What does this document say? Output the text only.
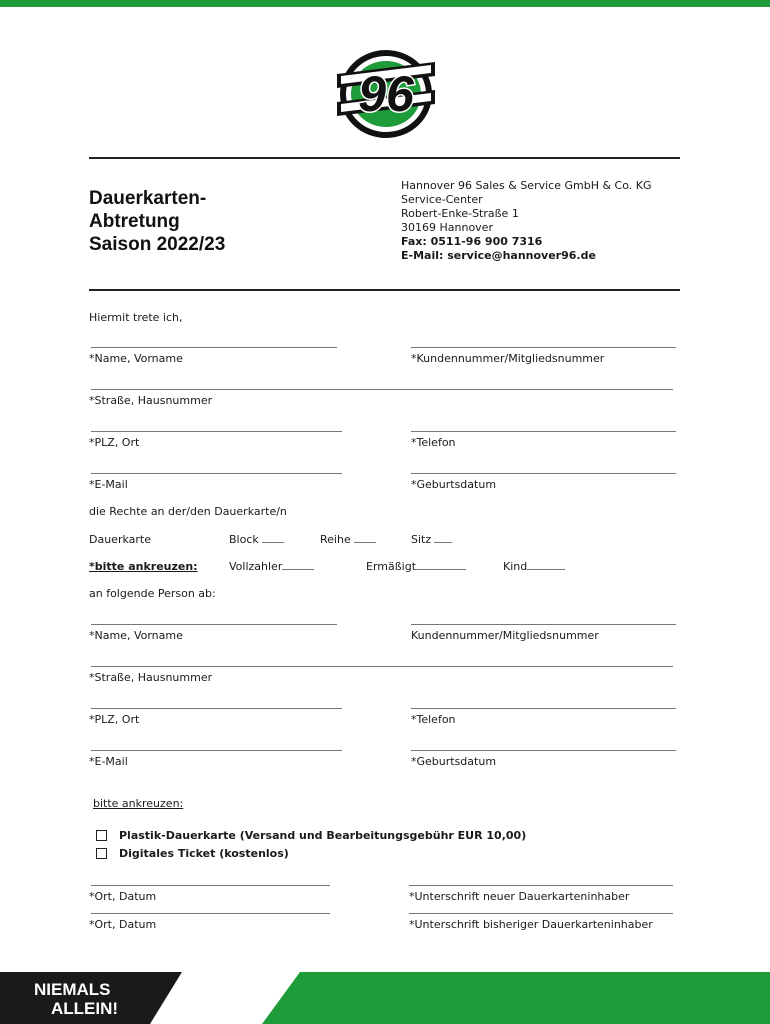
96
Dauerkarten-
Abtretung
Saison 2022/23
Hannover 96 Sales & Service GmbH & Co. KG
Service-Center
Robert-Enke-Straße 1
30169 Hannover
Fax: 0511-96 900 7316
E-Mail: service@hannover96.de
Hiermit trete ich,
*Name, Vorname	*Kundennummer/Mitgliedsnummer
*Straße, Hausnummer
*PLZ, Ort	*Telefon
*E-Mail	*Geburtsdatum
die Rechte an der/den Dauerkarte/n
Dauerkarte	Block	Reihe	Sitz
*bitte ankreuzen:	Vollzahler	Ermäßigt	Kind
an folgende Person ab:
*Name, Vorname	Kundennummer/Mitgliedsnummer
*Straße, Hausnummer
*PLZ, Ort	*Telefon
*E-Mail	*Geburtsdatum
bitte ankreuzen:
Plastik-Dauerkarte (Versand und Bearbeitungsgebühr EUR 10,00)
Digitales Ticket (kostenlos)
*Ort, Datum	*Unterschrift neuer Dauerkarteninhaber
*Ort, Datum	*Unterschrift bisheriger Dauerkarteninhaber
NIEMALS
ALLEIN!
